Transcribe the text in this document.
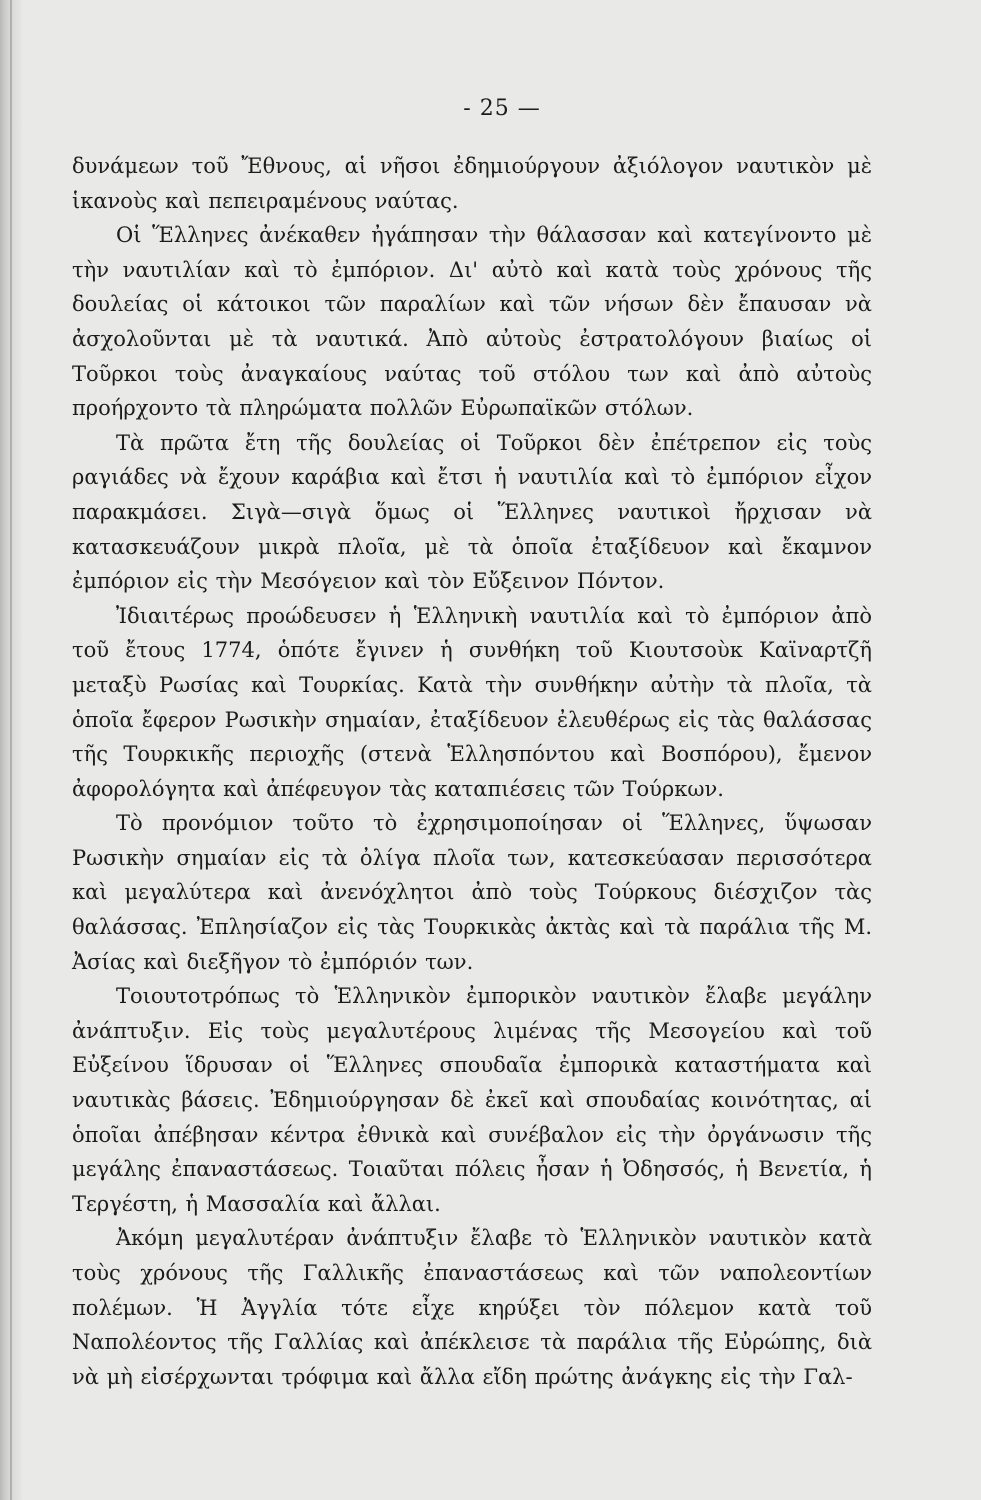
- 25 —

δυνάμεων τοῦ Ἔθνους, αἱ νῆσοι ἐδημιούργουν ἀξιόλογον ναυτικὸν μὲ ἱκανοὺς καὶ πεπειραμένους ναύτας.

Οἱ Ἕλληνες ἀνέκαθεν ἠγάπησαν τὴν θάλασσαν καὶ κατεγίνοντο μὲ τὴν ναυτιλίαν καὶ τὸ ἐμπόριον. Δι' αὐτὸ καὶ κατὰ τοὺς χρόνους τῆς δουλείας οἱ κάτοικοι τῶν παραλίων καὶ τῶν νήσων δὲν ἔπαυσαν νὰ ἀσχολοῦνται μὲ τὰ ναυτικά. Ἀπὸ αὐτοὺς ἐστρατολόγουν βιαίως οἱ Τοῦρκοι τοὺς ἀναγκαίους ναύτας τοῦ στόλου των καὶ ἀπὸ αὐτοὺς προήρχοντο τὰ πληρώματα πολλῶν Εὐρωπαϊκῶν στόλων.

Τὰ πρῶτα ἔτη τῆς δουλείας οἱ Τοῦρκοι δὲν ἐπέτρεπον εἰς τοὺς ραγιάδες νὰ ἔχουν καράβια καὶ ἔτσι ἡ ναυτιλία καὶ τὸ ἐμπόριον εἶχον παρακμάσει. Σιγὰ—σιγὰ ὅμως οἱ Ἕλληνες ναυτικοὶ ἤρχισαν νὰ κατασκευάζουν μικρὰ πλοῖα, μὲ τὰ ὁποῖα ἐταξίδευον καὶ ἔκαμνον ἐμπόριον εἰς τὴν Μεσόγειον καὶ τὸν Εὔξεινον Πόντον.

Ἰδιαιτέρως προώδευσεν ἡ Ἑλληνικὴ ναυτιλία καὶ τὸ ἐμπόριον ἀπὸ τοῦ ἔτους 1774, ὁπότε ἔγινεν ἡ συνθήκη τοῦ Κιουτσοὺκ Καϊναρτζῆ μεταξὺ Ρωσίας καὶ Τουρκίας. Κατὰ τὴν συνθήκην αὐτὴν τὰ πλοῖα, τὰ ὁποῖα ἔφερον Ρωσικὴν σημαίαν, ἐταξίδευον ἐλευθέρως εἰς τὰς θαλάσσας τῆς Τουρκικῆς περιοχῆς (στενὰ Ἑλλησπόντου καὶ Βοσπόρου), ἔμενον ἀφορολόγητα καὶ ἀπέφευγον τὰς καταπιέσεις τῶν Τούρκων.

Τὸ προνόμιον τοῦτο τὸ ἐχρησιμοποίησαν οἱ Ἕλληνες, ὕψωσαν Ρωσικὴν σημαίαν εἰς τὰ ὀλίγα πλοῖα των, κατεσκεύασαν περισσότερα καὶ μεγαλύτερα καὶ ἀνενόχλητοι ἀπὸ τοὺς Τούρκους διέσχιζον τὰς θαλάσσας. Ἐπλησίαζον εἰς τὰς Τουρκικὰς ἀκτὰς καὶ τὰ παράλια τῆς Μ. Ἀσίας καὶ διεξῆγον τὸ ἐμπόριόν των.

Τοιουτοτρόπως τὸ Ἑλληνικὸν ἐμπορικὸν ναυτικὸν ἔλαβε μεγάλην ἀνάπτυξιν. Εἰς τοὺς μεγαλυτέρους λιμένας τῆς Μεσογείου καὶ τοῦ Εὐξείνου ἵδρυσαν οἱ Ἕλληνες σπουδαῖα ἐμπορικὰ καταστήματα καὶ ναυτικὰς βάσεις. Ἐδημιούργησαν δὲ ἐκεῖ καὶ σπουδαίας κοινότητας, αἱ ὁποῖαι ἀπέβησαν κέντρα ἐθνικὰ καὶ συνέβαλον εἰς τὴν ὀργάνωσιν τῆς μεγάλης ἐπαναστάσεως. Τοιαῦται πόλεις ἦσαν ἡ Ὀδησσός, ἡ Βενετία, ἡ Τεργέστη, ἡ Μασσαλία καὶ ἄλλαι.

Ἀκόμη μεγαλυτέραν ἀνάπτυξιν ἔλαβε τὸ Ἑλληνικὸν ναυτικὸν κατὰ τοὺς χρόνους τῆς Γαλλικῆς ἐπαναστάσεως καὶ τῶν ναπολεοντίων πολέμων. Ἡ Ἀγγλία τότε εἶχε κηρύξει τὸν πόλεμον κατὰ τοῦ Ναπολέοντος τῆς Γαλλίας καὶ ἀπέκλεισε τὰ παράλια τῆς Εὐρώπης, διὰ νὰ μὴ εἰσέρχωνται τρόφιμα καὶ ἄλλα εἴδη πρώτης ἀνάγκης εἰς τὴν Γαλ-
